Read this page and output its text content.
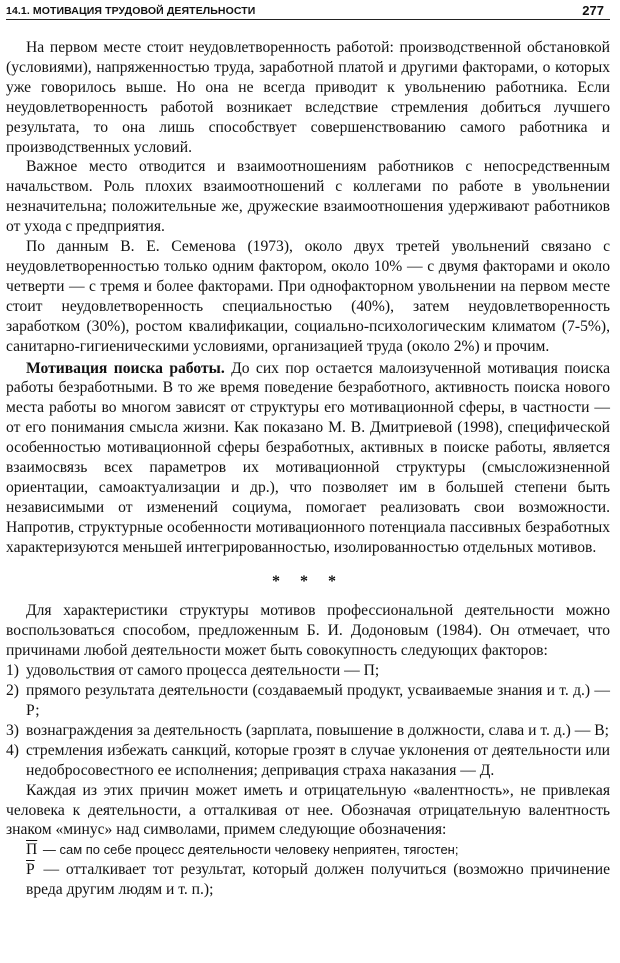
14.1. МОТИВАЦИЯ ТРУДОВОЙ ДЕЯТЕЛЬНОСТИ	277

На первом месте стоит неудовлетворенность работой: производственной обстановкой (условиями), напряженностью труда, заработной платой и другими факторами, о которых уже говорилось выше. Но она не всегда приводит к увольнению работника. Если неудовлетворенность работой возникает вследствие стремления добиться лучшего результата, то она лишь способствует совершенствованию самого работника и производственных условий.

Важное место отводится и взаимоотношениям работников с непосредственным начальством. Роль плохих взаимоотношений с коллегами по работе в увольнении незначительна; положительные же, дружеские взаимоотношения удерживают работников от ухода с предприятия.

По данным В. Е. Семенова (1973), около двух третей увольнений связано с неудовлетворенностью только одним фактором, около 10% — с двумя факторами и около четверти — с тремя и более факторами. При однофакторном увольнении на первом месте стоит неудовлетворенность специальностью (40%), затем неудовлетворенность заработком (30%), ростом квалификации, социально-психологическим климатом (7-5%), санитарно-гигиеническими условиями, организацией труда (около 2%) и прочим.

Мотивация поиска работы. До сих пор остается малоизученной мотивация поиска работы безработными. В то же время поведение безработного, активность поиска нового места работы во многом зависят от структуры его мотивационной сферы, в частности — от его понимания смысла жизни. Как показано М. В. Дмитриевой (1998), специфической особенностью мотивационной сферы безработных, активных в поиске работы, является взаимосвязь всех параметров их мотивационной структуры (смысложизненной ориентации, самоактуализации и др.), что позволяет им в большей степени быть независимыми от изменений социума, помогает реализовать свои возможности. Напротив, структурные особенности мотивационного потенциала пассивных безработных характеризуются меньшей интегрированностью, изолированностью отдельных мотивов.

* * *

Для характеристики структуры мотивов профессиональной деятельности можно воспользоваться способом, предложенным Б. И. Додоновым (1984). Он отмечает, что причинами любой деятельности может быть совокупность следующих факторов:

1) удовольствия от самого процесса деятельности — П;
2) прямого результата деятельности (создаваемый продукт, усваиваемые знания и т. д.) — Р;
3) вознаграждения за деятельность (зарплата, повышение в должности, слава и т. д.) — В;
4) стремления избежать санкций, которые грозят в случае уклонения от деятельности или недобросовестного ее исполнения; депривация страха наказания — Д.

Каждая из этих причин может иметь и отрицательную «валентность», не привлекая человека к деятельности, а отталкивая от нее. Обозначая отрицательную валентность знаком «минус» над символами, примем следующие обозначения:

П — сам по себе процесс деятельности человеку неприятен, тягостен;

Р — отталкивает тот результат, который должен получиться (возможно причинение вреда другим людям и т. п.);
